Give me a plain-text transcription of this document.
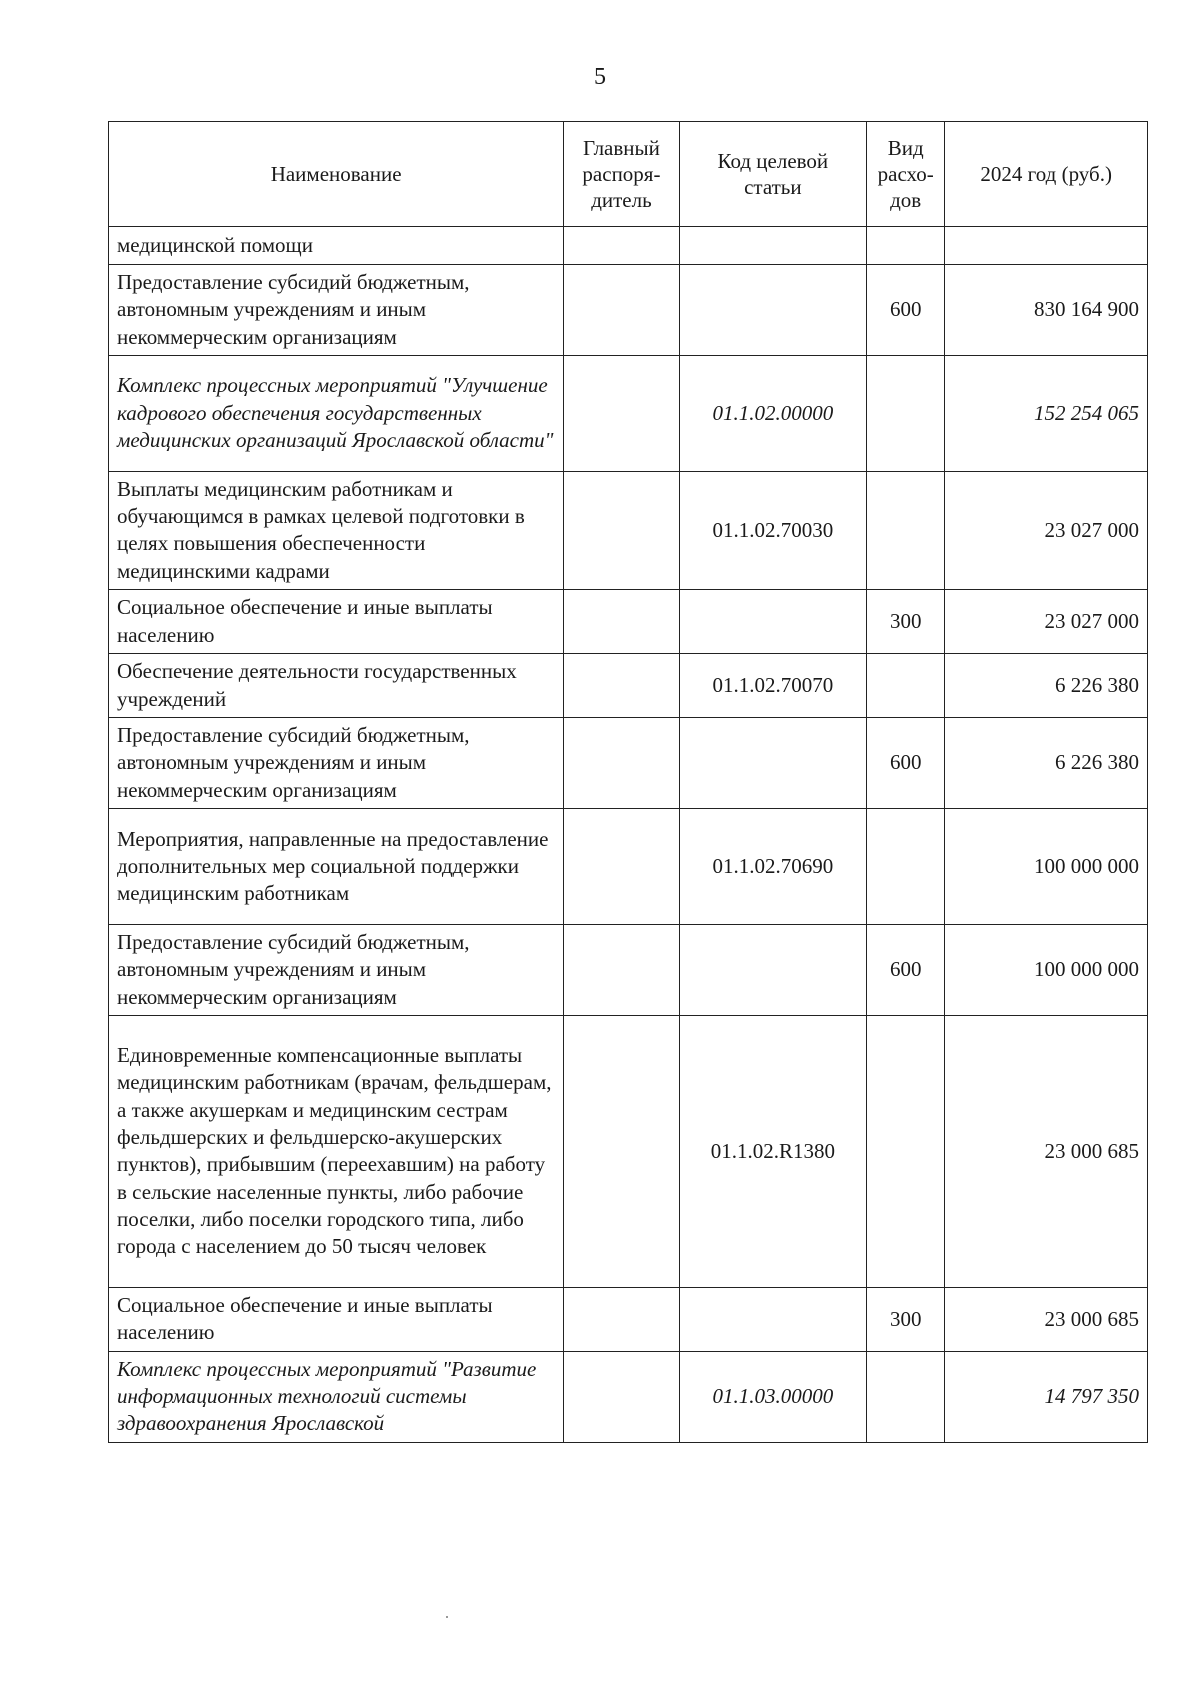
5
Наименование	Главный распоря-дитель	Код целевой статьи	Вид расхо-дов	2024 год (руб.)
медицинской помощи				
Предоставление субсидий бюджетным, автономным учреждениям и иным некоммерческим организациям			600	830 164 900
Комплекс процессных мероприятий "Улучшение кадрового обеспечения государственных медицинских организаций Ярославской области"		01.1.02.00000		152 254 065
Выплаты медицинским работникам и обучающимся в рамках целевой подготовки в целях повышения обеспеченности медицинскими кадрами		01.1.02.70030		23 027 000
Социальное обеспечение и иные выплаты населению			300	23 027 000
Обеспечение деятельности государственных учреждений		01.1.02.70070		6 226 380
Предоставление субсидий бюджетным, автономным учреждениям и иным некоммерческим организациям			600	6 226 380
Мероприятия, направленные на предоставление дополнительных мер социальной поддержки медицинским работникам		01.1.02.70690		100 000 000
Предоставление субсидий бюджетным, автономным учреждениям и иным некоммерческим организациям			600	100 000 000
Единовременные компенсационные выплаты медицинским работникам (врачам, фельдшерам, а также акушеркам и медицинским сестрам фельдшерских и фельдшерско-акушерских пунктов), прибывшим (переехавшим) на работу в сельские населенные пункты, либо рабочие поселки, либо поселки городского типа, либо города с населением до 50 тысяч человек		01.1.02.R1380		23 000 685
Социальное обеспечение и иные выплаты населению			300	23 000 685
Комплекс процессных мероприятий "Развитие информационных технологий системы здравоохранения Ярославской		01.1.03.00000		14 797 350
